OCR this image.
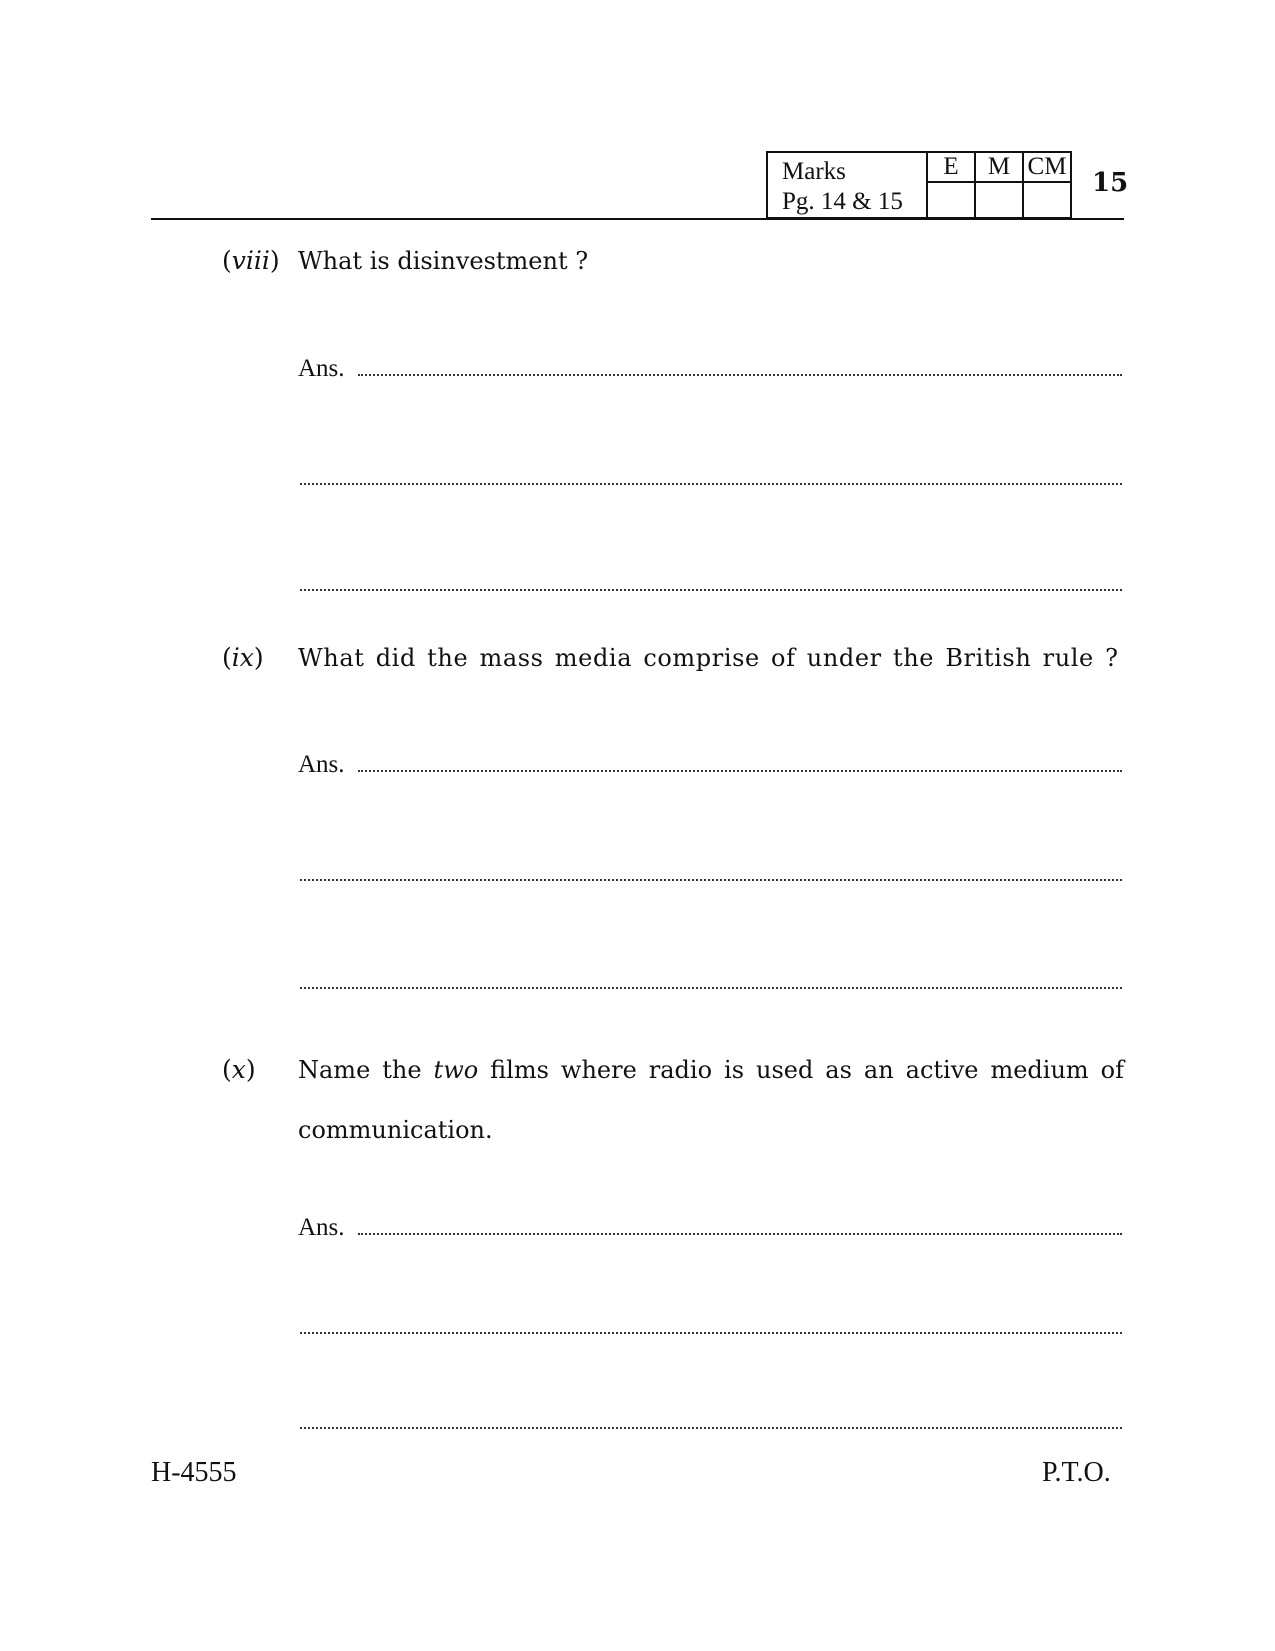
Marks
Pg. 14 & 15

E	M	CM
15
(viii) What is disinvestment ?
Ans.
(ix) What did the mass media comprise of under the British rule ?
Ans.
(x) Name the two films where radio is used as an active medium of
communication.
Ans.
H-4555	P.T.O.
